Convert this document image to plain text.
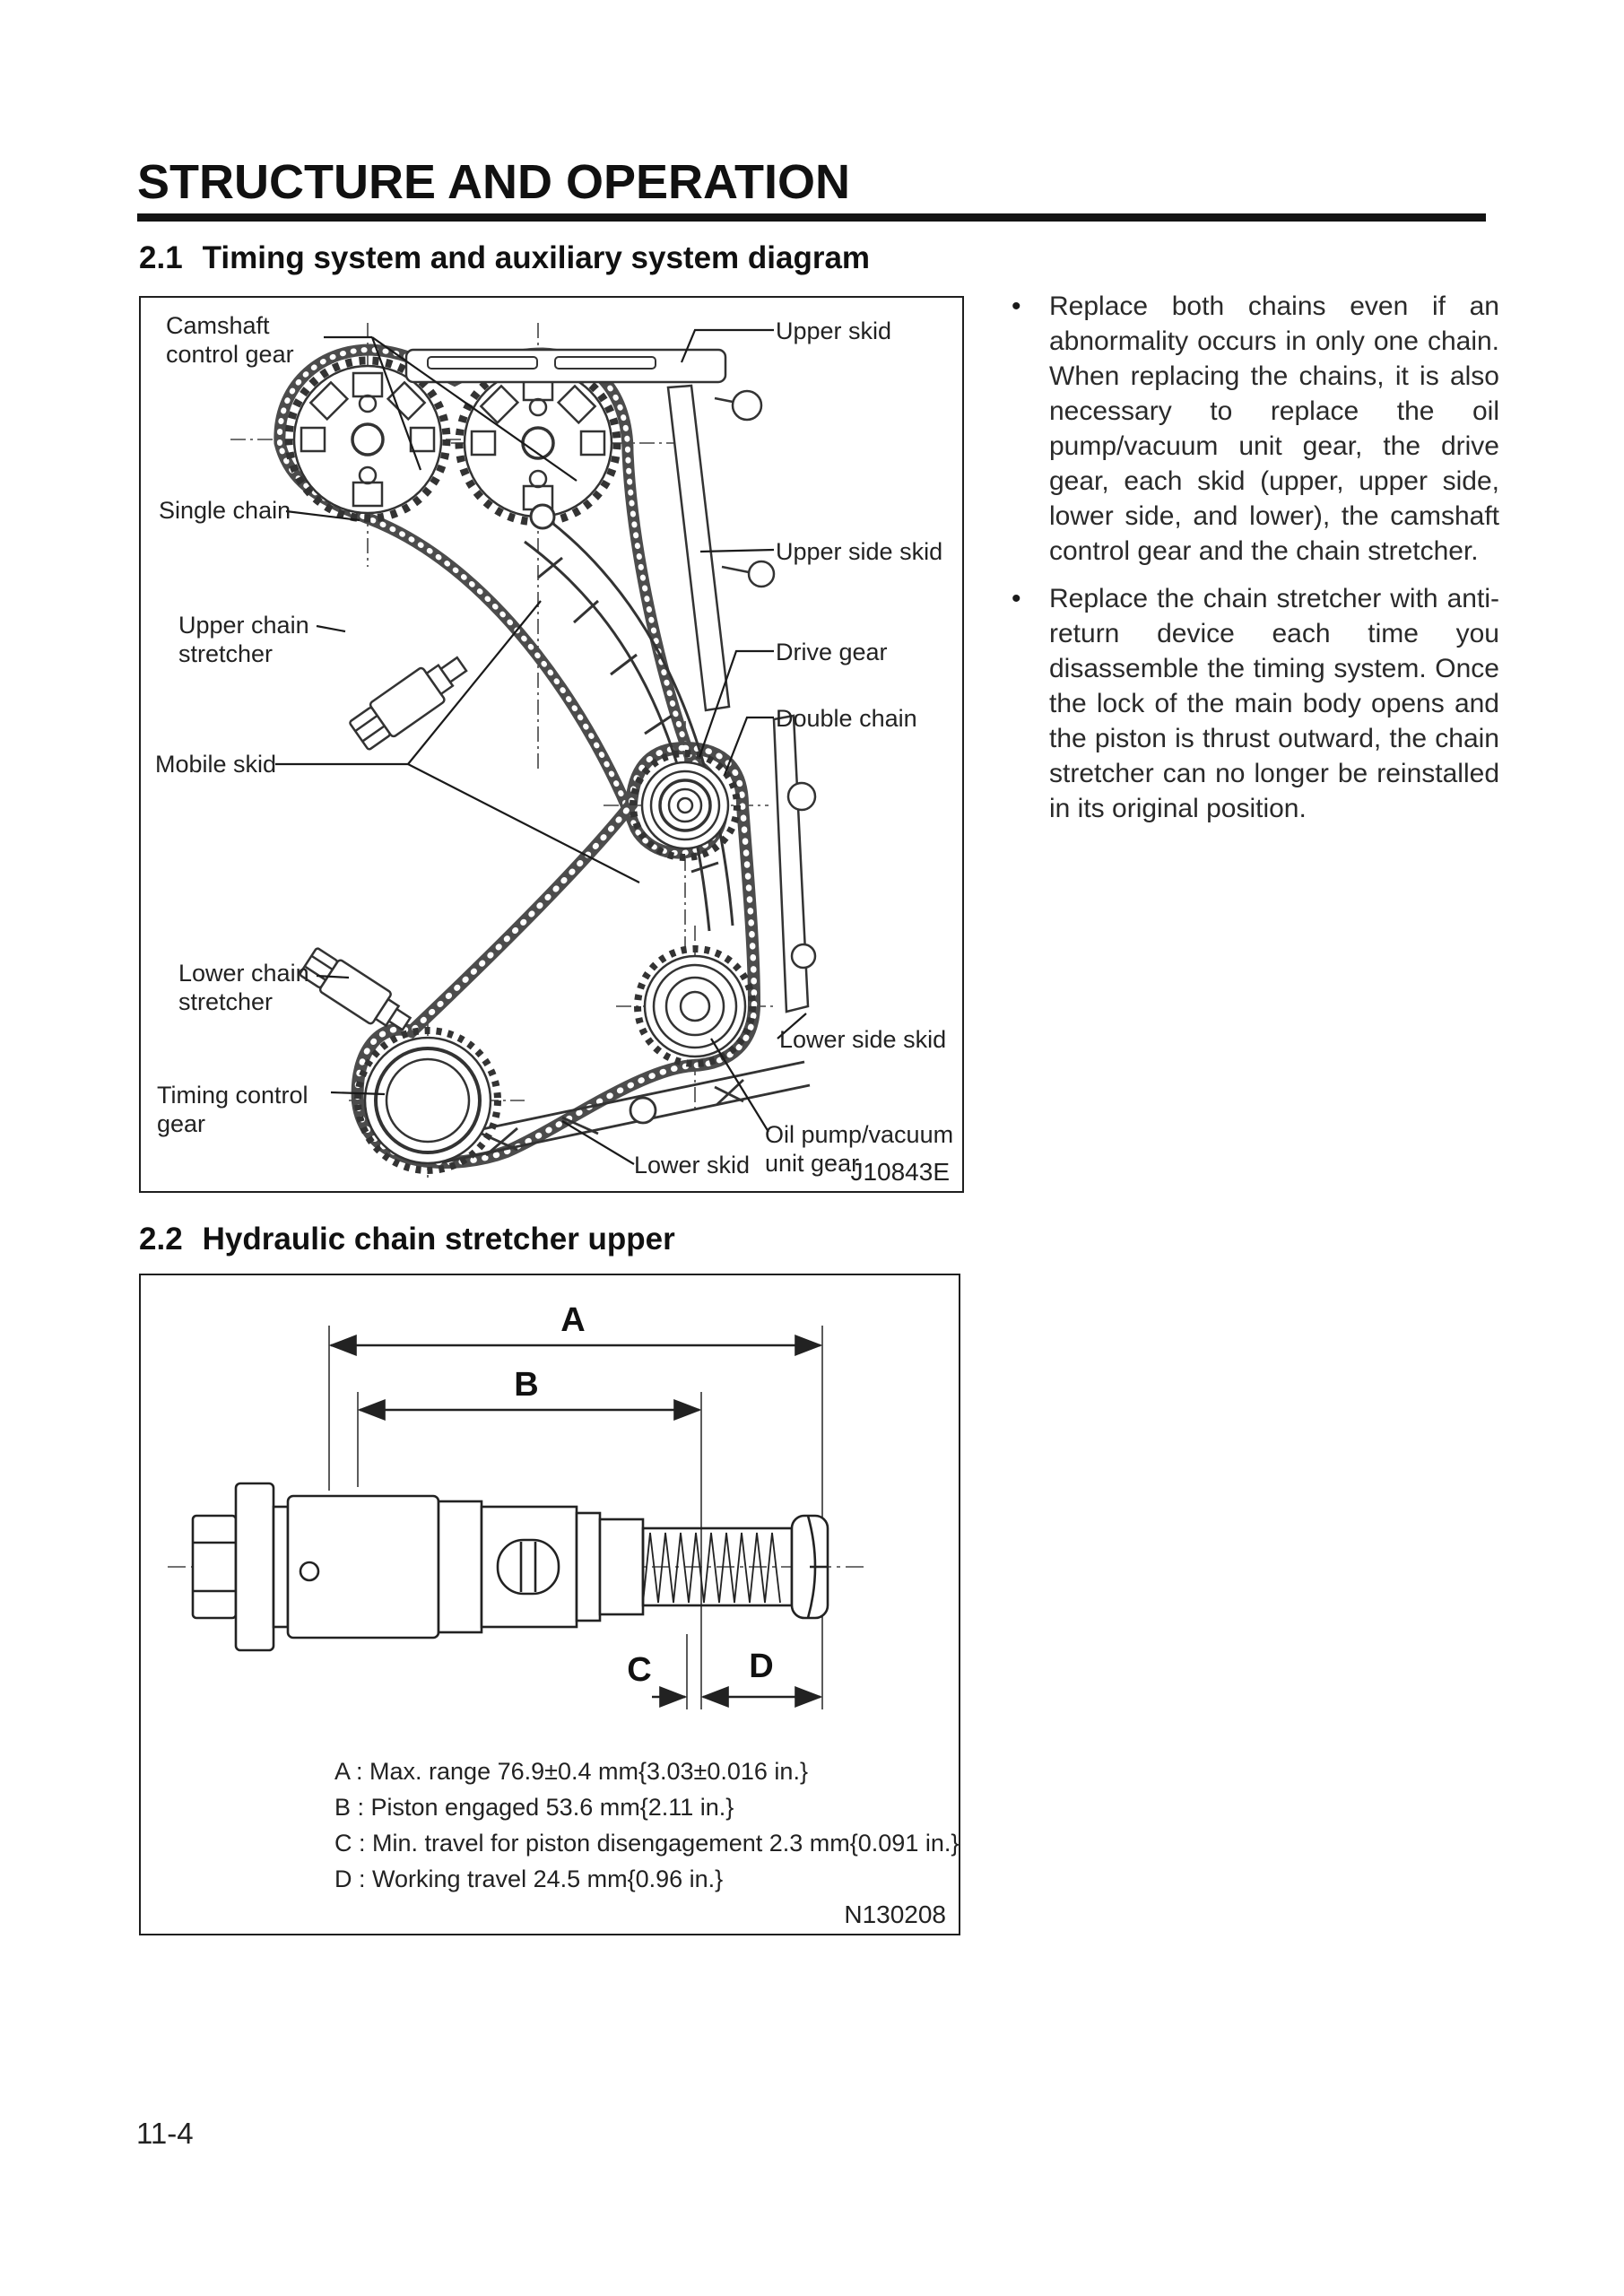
STRUCTURE AND OPERATION
2.1 Timing system and auxiliary system diagram
Camshaft control gear
Upper skid
Single chain
Upper side skid
Upper chain stretcher	Drive gear
Double chain
Mobile skid
Lower chain stretcher
Lower side skid
Timing control gear	Oil pump/vacuum unit gear
Lower skid	J10843E
•	Replace both chains even if an abnormality occurs in only one chain. When replacing the chains, it is also necessary to replace the oil pump/vacuum unit gear, the drive gear, each skid (upper, upper side, lower side, and lower), the camshaft control gear and the chain stretcher.
•	Replace the chain stretcher with anti-return device each time you disassemble the timing system. Once the lock of the main body opens and the piston is thrust outward, the chain stretcher can no longer be reinstalled in its original position.
2.2 Hydraulic chain stretcher upper
A
B
C	D
A : Max. range 76.9±0.4 mm{3.03±0.016 in.}
B : Piston engaged 53.6 mm{2.11 in.}
C : Min. travel for piston disengagement 2.3 mm{0.091 in.}
D : Working travel 24.5 mm{0.96 in.}
N130208
11-4
